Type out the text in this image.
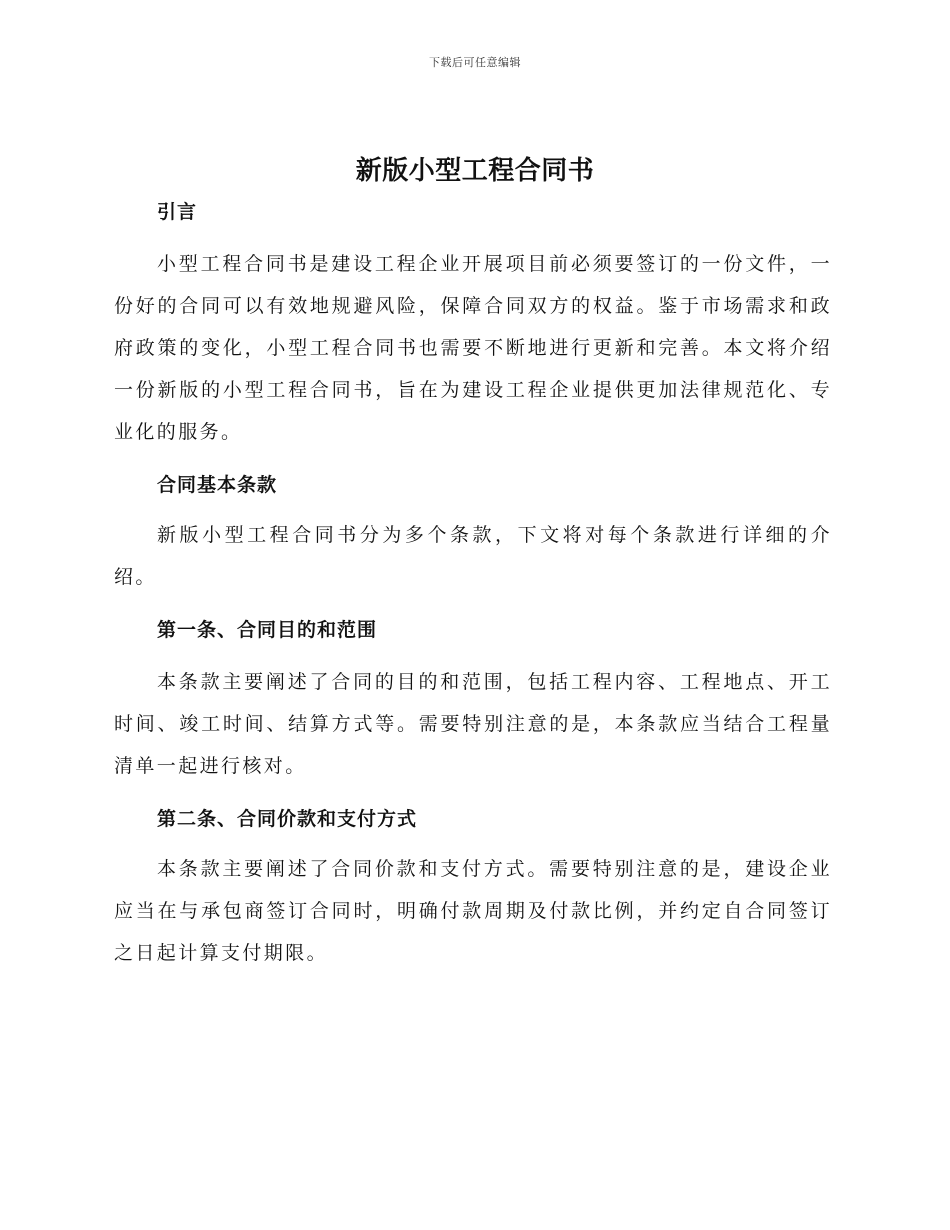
下载后可任意编辑
新版小型工程合同书
引言
小型工程合同书是建设工程企业开展项目前必须要签订的一份文件，一份好的合同可以有效地规避风险，保障合同双方的权益。鉴于市场需求和政府政策的变化，小型工程合同书也需要不断地进行更新和完善。本文将介绍一份新版的小型工程合同书，旨在为建设工程企业提供更加法律规范化、专业化的服务。
合同基本条款
新版小型工程合同书分为多个条款，下文将对每个条款进行详细的介绍。
第一条、合同目的和范围
本条款主要阐述了合同的目的和范围，包括工程内容、工程地点、开工时间、竣工时间、结算方式等。需要特别注意的是，本条款应当结合工程量清单一起进行核对。
第二条、合同价款和支付方式
本条款主要阐述了合同价款和支付方式。需要特别注意的是，建设企业应当在与承包商签订合同时，明确付款周期及付款比例，并约定自合同签订之日起计算支付期限。
